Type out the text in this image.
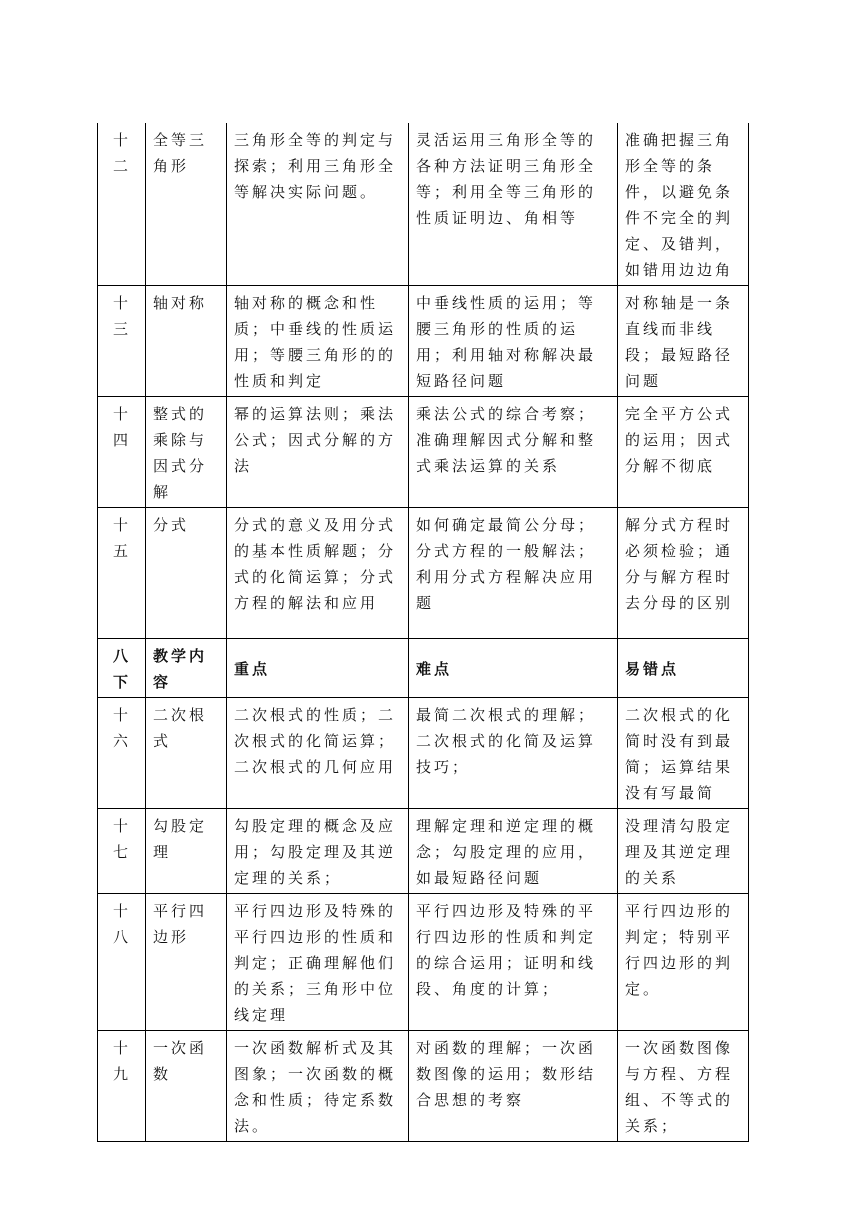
十二	全等三角形	三角形全等的判定与探索；利用三角形全等解决实际问题。	灵活运用三角形全等的各种方法证明三角形全等；利用全等三角形的性质证明边、角相等	准确把握三角形全等的条件，以避免条件不完全的判定、及错判，如错用边边角

十三	轴对称	轴对称的概念和性质；中垂线的性质运用；等腰三角形的的性质和判定	中垂线性质的运用；等腰三角形的性质的运用；利用轴对称解决最短路径问题	对称轴是一条直线而非线段；最短路径问题

十四	整式的乘除与因式分解	幂的运算法则；乘法公式；因式分解的方法	乘法公式的综合考察；准确理解因式分解和整式乘法运算的关系	完全平方公式的运用；因式分解不彻底

十五	分式	分式的意义及用分式的基本性质解题；分式的化简运算；分式方程的解法和应用	如何确定最简公分母；分式方程的一般解法；利用分式方程解决应用题	解分式方程时必须检验；通分与解方程时去分母的区别

八下	教学内容	重点	难点	易错点

十六	二次根式	二次根式的性质；二次根式的化简运算；二次根式的几何应用	最简二次根式的理解；二次根式的化简及运算技巧；	二次根式的化简时没有到最简；运算结果没有写最简

十七	勾股定理	勾股定理的概念及应用；勾股定理及其逆定理的关系；	理解定理和逆定理的概念；勾股定理的应用，如最短路径问题	没理清勾股定理及其逆定理的关系

十八	平行四边形	平行四边形及特殊的平行四边形的性质和判定；正确理解他们的关系；三角形中位线定理	平行四边形及特殊的平行四边形的性质和判定的综合运用；证明和线段、角度的计算；	平行四边形的判定；特别平行四边形的判定。

十九	一次函数	一次函数解析式及其图象；一次函数的概念和性质；待定系数法。	对函数的理解；一次函数图像的运用；数形结合思想的考察	一次函数图像与方程、方程组、不等式的关系；
